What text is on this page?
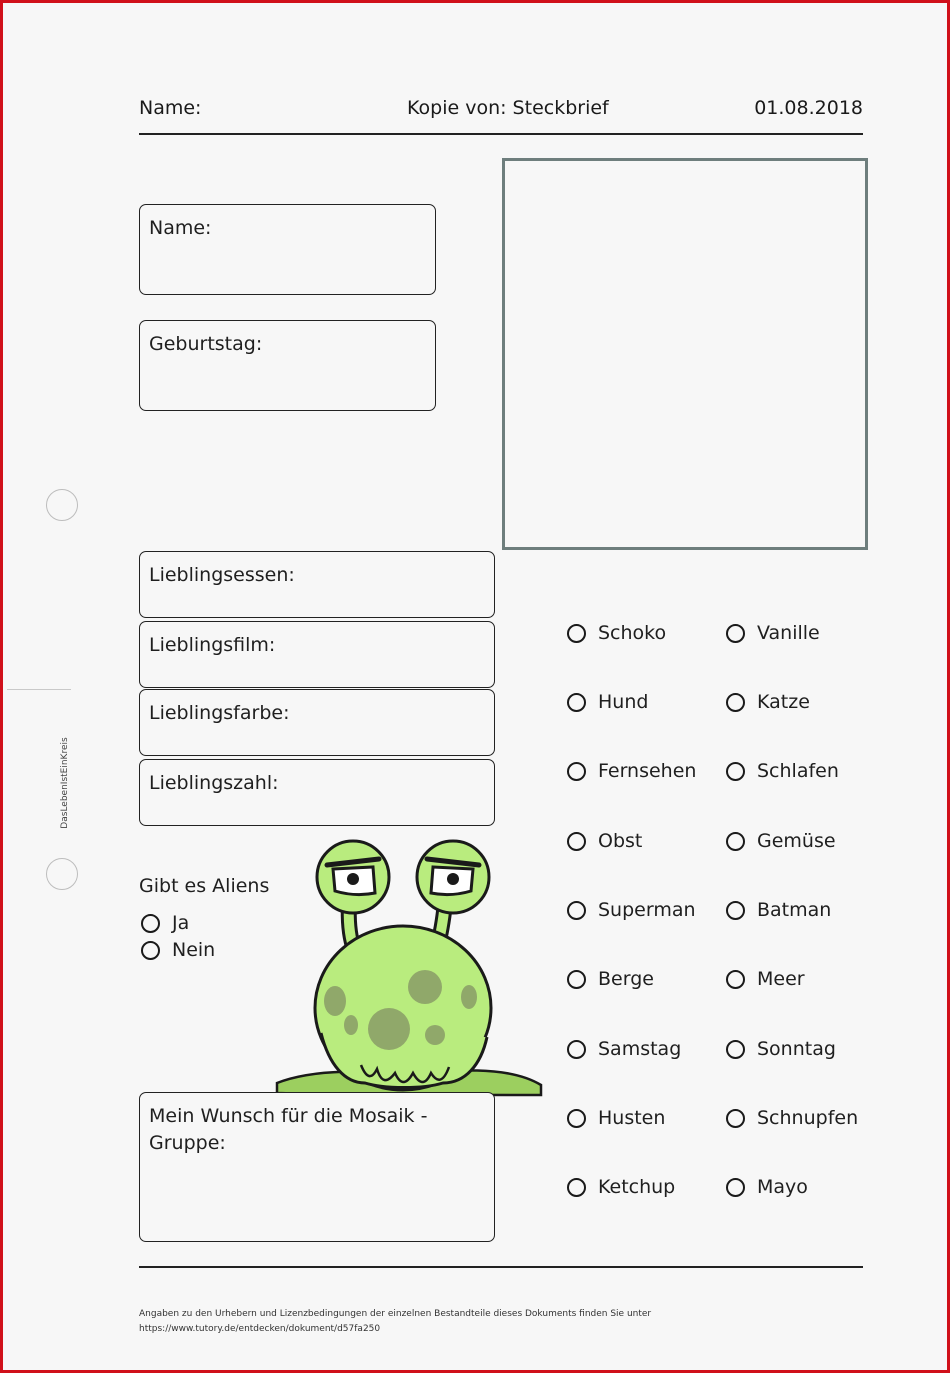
Name:	Kopie von: Steckbrief	01.08.2018
Name:
Geburtstag:
DasLebenIstEinKreis
Lieblingsessen:
Lieblingsfilm:
Lieblingsfarbe:
Lieblingszahl:
Gibt es Aliens
Ja
Nein
Mein Wunsch für die Mosaik - Gruppe:
Schoko	Vanille
Hund	Katze
Fernsehen	Schlafen
Obst	Gemüse
Superman	Batman
Berge	Meer
Samstag	Sonntag
Husten	Schnupfen
Ketchup	Mayo
Angaben zu den Urhebern und Lizenzbedingungen der einzelnen Bestandteile dieses Dokuments finden Sie unter
https://www.tutory.de/entdecken/dokument/d57fa250
